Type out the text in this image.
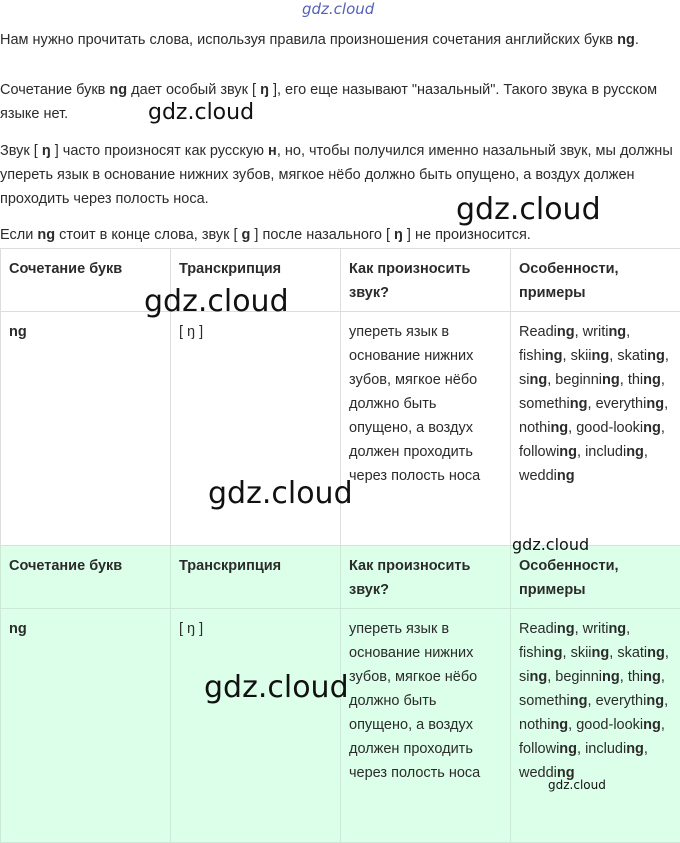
gdz.cloud
gdz.cloud
gdz.cloud
gdz.cloud
gdz.cloud
gdz.cloud
gdz.cloud
gdz.cloud

Нам нужно прочитать слова, используя правила произношения сочетания английских букв ng.

Сочетание букв ng дает особый звук [ ŋ ], его еще называют "назальный". Такого звука в русском языке нет.

Звук [ ŋ ] часто произносят как русскую н, но, чтобы получился именно назальный звук, мы должны упереть язык в основание нижних зубов, мягкое нёбо должно быть опущено, а воздух должен проходить через полость носа.

Если ng стоит в конце слова, звук [ g ] после назального [ ŋ ] не произносится.

Сочетание букв	Транскрипция	Как произносить звук?	Особенности, примеры
ng	[ ŋ ]	упереть язык в основание нижних зубов, мягкое нёбо должно быть опущено, а воздух должен проходить через полость носа	Reading, writing, fishing, skiing, skating, sing, beginning, thing, something, everything, nothing, good-looking, following, including, wedding
Сочетание букв	Транскрипция	Как произносить звук?	Особенности, примеры
ng	[ ŋ ]	упереть язык в основание нижних зубов, мягкое нёбо должно быть опущено, а воздух должен проходить через полость носа	Reading, writing, fishing, skiing, skating, sing, beginning, thing, something, everything, nothing, good-looking, following, including, wedding
